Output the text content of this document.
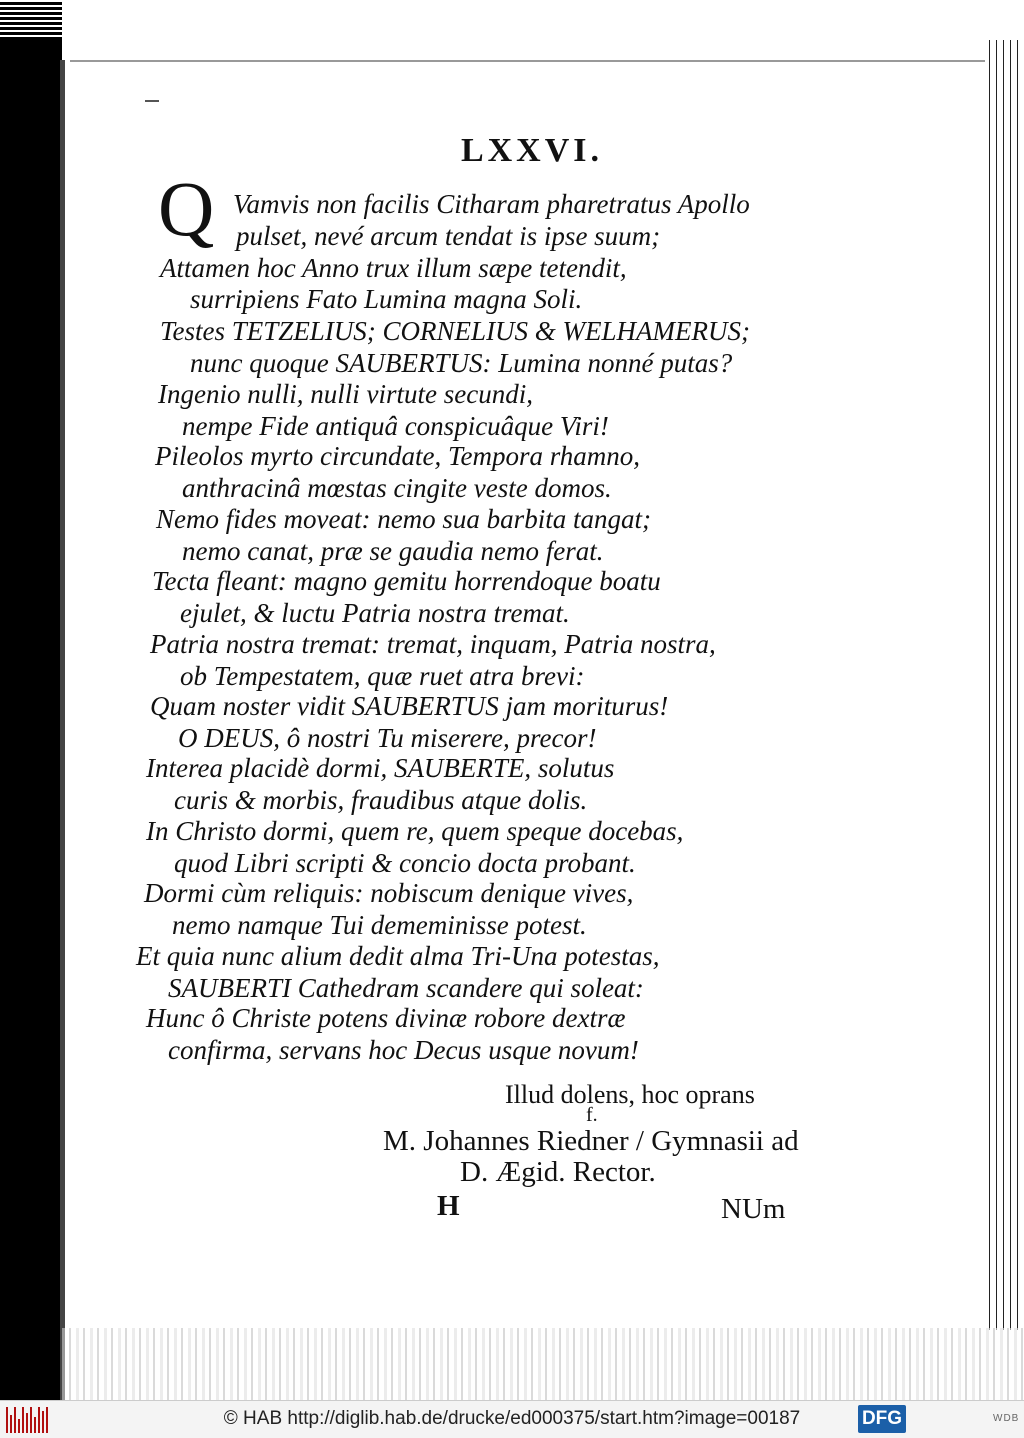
LXXVI.
Q Vamvis non facilis Citharam pharetratus Apollo
pulset, nevé arcum tendat is ipse suum;
Attamen hoc Anno trux illum sæpe tetendit,
surripiens Fato Lumina magna Soli.
Testes TETZELIUS; CORNELIUS & WELHAMERUS;
nunc quoque SAUBERTUS: Lumina nonné putas?
Ingenio nulli, nulli virtute secundi,
nempe Fide antiquâ conspicuâque Viri!
Pileolos myrto circundate, Tempora rhamno,
anthracinâ mœstas cingite veste domos.
Nemo fides moveat: nemo sua barbita tangat;
nemo canat, præ se gaudia nemo ferat.
Tecta fleant: magno gemitu horrendoque boatu
ejulet, & luctu Patria nostra tremat.
Patria nostra tremat: tremat, inquam, Patria nostra,
ob Tempestatem, quæ ruet atra brevi:
Quam noster vidit SAUBERTUS jam moriturus!
O DEUS, ô nostri Tu miserere, precor!
Interea placidè dormi, SAUBERTE, solutus
curis & morbis, fraudibus atque dolis.
In Christo dormi, quem re, quem speque docebas,
quod Libri scripti & concio docta probant.
Dormi cùm reliquis: nobiscum denique vives,
nemo namque Tui dememinisse potest.
Et quia nunc alium dedit alma Tri-Una potestas,
SAUBERTI Cathedram scandere qui soleat:
Hunc ô Christe potens divinæ robore dextræ
confirma, servans hoc Decus usque novum!
Illud dolens, hoc oprans
f.
M. Johannes Riedner / Gymnasii ad
D. Ægid. Rector.
H	NUm
© HAB http://diglib.hab.de/drucke/ed000375/start.htm?image=00187	DFG	WDB
